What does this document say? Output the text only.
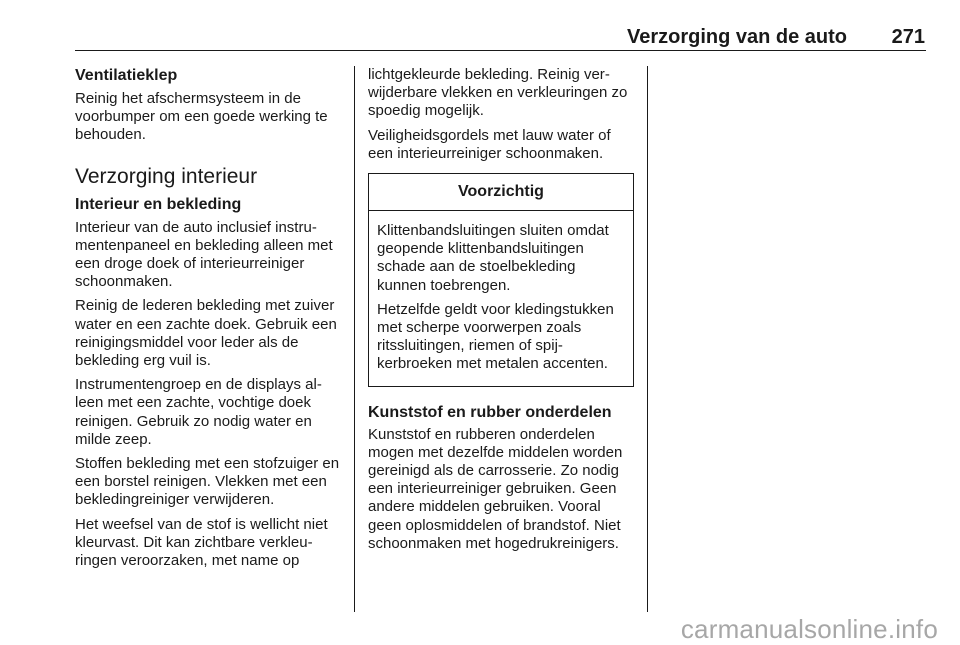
Verzorging van de auto 271
Ventilatieklep

Reinig het afschermsysteem in de voorbumper om een goede werking te behouden.

Verzorging interieur
Interieur en bekleding

Interieur van de auto inclusief instrumentenpaneel en bekleding alleen met een droge doek of interieurreiniger schoonmaken.

Reinig de lederen bekleding met zuiver water en een zachte doek. Gebruik een reinigingsmiddel voor leder als de bekleding erg vuil is.

Instrumentengroep en de displays alleen met een zachte, vochtige doek reinigen. Gebruik zo nodig water en milde zeep.

Stoffen bekleding met een stofzuiger en een borstel reinigen. Vlekken met een bekledingreiniger verwijderen.

Het weefsel van de stof is wellicht niet kleurvast. Dit kan zichtbare verkleuringen veroorzaken, met name op

lichtgekleurde bekleding. Reinig verwijderbare vlekken en verkleuringen zo spoedig mogelijk.

Veiligheidsgordels met lauw water of een interieurreiniger schoonmaken.

Voorzichtig

Klittenbandsluitingen sluiten omdat geopende klittenbandsluitingen schade aan de stoelbekleding kunnen toebrengen.

Hetzelfde geldt voor kledingstukken met scherpe voorwerpen zoals ritssluitingen, riemen of spijkerbroeken met metalen accenten.

Kunststof en rubber onderdelen

Kunststof en rubberen onderdelen mogen met dezelfde middelen worden gereinigd als de carrosserie. Zo nodig een interieurreiniger gebruiken. Geen andere middelen gebruiken. Vooral geen oplosmiddelen of brandstof. Niet schoonmaken met hogedrukreinigers.

carmanualsonline.info
